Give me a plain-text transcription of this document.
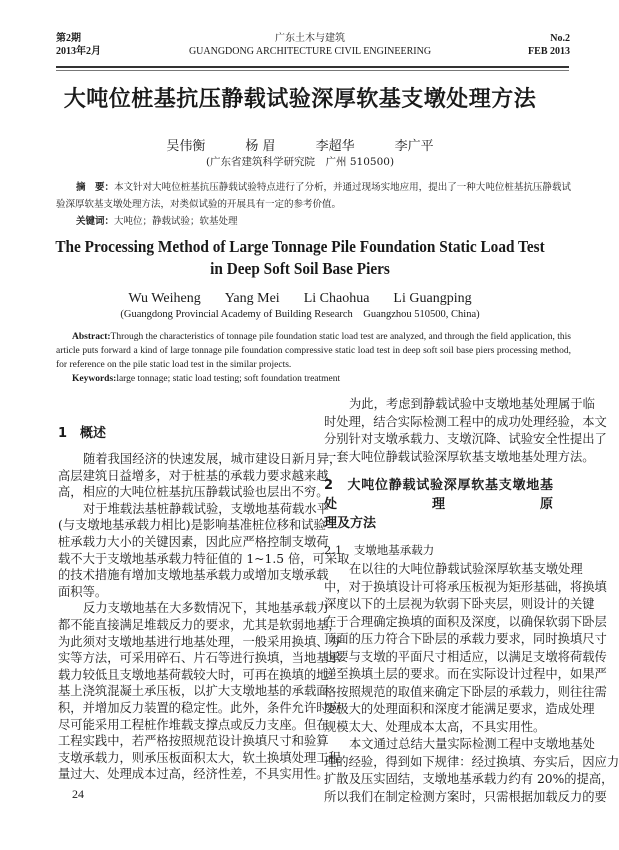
第2期
2013年2月
广东土木与建筑
GUANGDONG ARCHITECTURE CIVIL ENGINEERING
No.2
FEB 2013
大吨位桩基抗压静载试验深厚软基支墩处理方法
吴伟衡	杨 眉	李超华	李广平
(广东省建筑科学研究院　广州 510500)
摘　要：本文针对大吨位桩基抗压静载试验特点进行了分析，并通过现场实地应用，提出了一种大吨位桩基抗压静载试验深厚软基支墩处理方法，对类似试验的开展具有一定的参考价值。
关键词：大吨位；静载试验；软基处理
The Processing Method of Large Tonnage Pile Foundation Static Load Test
in Deep Soft Soil Base Piers
Wu Weiheng Yang Mei Li Chaohua Li Guangping
(Guangdong Provincial Academy of Building Research　Guangzhou 510500, China)

Abstract:Through the characteristics of tonnage pile foundation static load test are analyzed, and through the field application, this article puts forward a kind of large tonnage pile foundation compressive static load test in deep soft soil base piers processing method, for reference on the pile static load test in the similar projects.

Keywords:large tonnage; static load testing; soft foundation treatment

1　概述
随着我国经济的快速发展，城市建设日新月异，
高层建筑日益增多，对于桩基的承载力要求越来越
高，相应的大吨位桩基抗压静载试验也层出不穷。
对于堆载法基桩静载试验，支墩地基荷载水平
(与支墩地基承载力相比)是影响基准桩位移和试验
桩承载力大小的关键因素，因此应严格控制支墩荷
载不大于支墩地基承载力特征值的 1~1.5 倍，可采取
的技术措施有增加支墩地基承载力或增加支墩承载
面积等。
反力支墩地基在大多数情况下，其地基承载力
都不能直接满足堆载反力的要求，尤其是软弱地基，
为此须对支墩地基进行地基处理，一般采用换填、夯
实等方法，可采用碎石、片石等进行换填，当地基承
载力较低且支墩地基荷载较大时，可再在换填的地
基上浇筑混凝土承压板，以扩大支墩地基的承载面
积，并增加反力装置的稳定性。此外，条件允许时应
尽可能采用工程桩作堆载支撑点或反力支座。但在
工程实践中，若严格按照规范设计换填尺寸和验算
支墩承载力，则承压板面积太大，软土换填处理工程
量过大、处理成本过高，经济性差，不具实用性。
24
为此，考虑到静载试验中支墩地基处理属于临
时处理，结合实际检测工程中的成功处理经验，本文
分别针对支墩承载力、支墩沉降、试验安全性提出了
一套大吨位静载试验深厚软基支墩地基处理方法。
2　大吨位静载试验深厚软基支墩地基处理原
理及方法
2.1　支墩地基承载力
在以往的大吨位静载试验深厚软基支墩处理
中，对于换填设计可将承压板视为矩形基础，将换填
深度以下的土层视为软弱下卧夹层，则设计的关键
在于合理确定换填的面积及深度，以确保软弱下卧层
顶面的压力符合下卧层的承载力要求，同时换填尺寸
也要与支墩的平面尺寸相适应，以满足支墩将荷载传
递至换填土层的要求。而在实际设计过程中，如果严
格按照规范的取值来确定下卧层的承载力，则往往需
要极大的处理面积和深度才能满足要求，造成处理
规模太大、处理成本太高，不具实用性。
本文通过总结大量实际检测工程中支墩地基处
理的经验，得到如下规律：经过换填、夯实后，因应力
扩散及压实固结，支墩地基承载力约有 20%的提高，
所以我们在制定检测方案时，只需根据加载反力的要
